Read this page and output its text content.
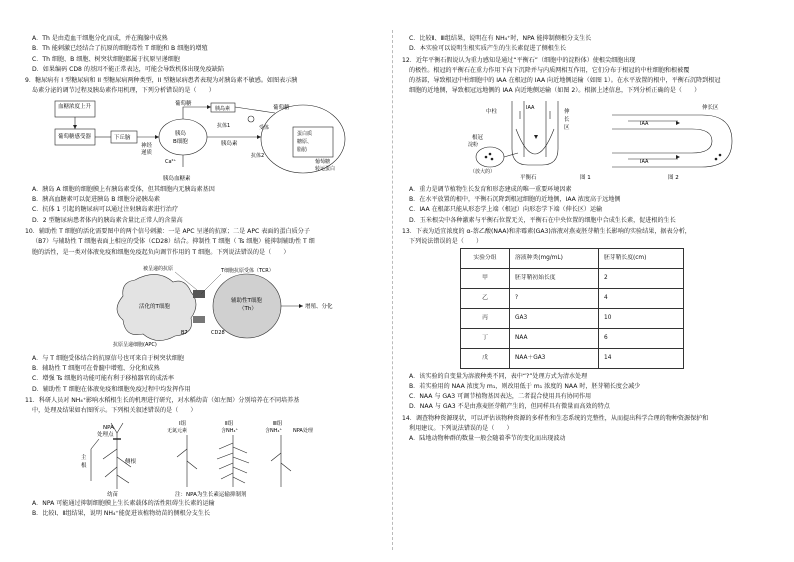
A．Th 是由造血干细胞分化而成，并在胸腺中成熟
B．Th 能刺激已经结合了抗原的细胞毒性 T 细胞和 B 细胞的增殖
C．Th 细胞、B 细胞、树突状细胞都属于抗原呈递细胞
D．如果编码 CD8 的基因不能正常表达，可能会导致机体出现免疫缺陷
9．糖尿病有 I 型糖尿病和 II 型糖尿病两种类型，II 型糖尿病患者表现为对胰岛素不敏感。如图表示胰
岛素分泌的调节过程及胰岛素作用机理，下列分析错误的是（　　）
血糖浓度上升
葡萄糖感受器	下丘脑
胰岛
B细胞
葡萄糖
葡萄糖
神经
递质
胰岛素
胰岛素
受体
抗体1
抗体2
Ca²⁺
蛋白质
糖原、
脂肪
葡萄糖
转运蛋白
胰岛血糖素
A．胰岛 A 细胞的细胞膜上有胰岛素受体，但其细胞内无胰岛素基因
B．胰高血糖素可以促进胰岛 B 细胞分泌胰岛素
C．抗体 1 引起的糖尿病可以通过注射胰岛素进行治疗
D．2 型糖尿病患者体内的胰岛素含量比正常人的含量高
10．辅助性 T 细胞的活化需要图中的两个信号刺激：一是 APC 呈递的抗原；二是 APC 表面的蛋白质分子
（B7）与辅助性 T 细胞表面上相应的受体（CD28）结合。抑制性 T 细胞（ Ts 细胞）能抑制辅助性 T 细
胞的活性，是一类对体液免疫和细胞免疫起负向调节作用的 T 细胞。下列说法错误的是（　　）
T细胞抗原受体（TCR）
被呈递的抗原
活化的T细胞
辅助性T细胞
（Th）	增殖、分化
抗原呈递细胞(APC)
B7	CD28
A．与 T 细胞受体结合的抗原信号也可来自于树突状细胞
B．辅助性 T 细胞可在骨髓中增殖、分化和成熟
C．增强 Ts 细胞的功能可能有利于移植器官的成活率
D．辅助性 T 细胞在体液免疫和细胞免疫过程中均发挥作用
11．科研人员对 NH₄⁺影响水稻根生长的机理进行研究，对水稻幼苗（如左图）分别培养在不同培养基
中，处理及结果如右图所示。下列相关叙述错误的是（　　）
NPA
处理点
主
根
侧根
幼苗
Ⅰ组	Ⅱ组	Ⅲ组
无氮元素	含NH₄⁺	含NH₄⁺ NPA处理
注：NPA为生长素运输抑制剂
A．NPA 可能通过抑制细胞膜上生长素载体的活性阻碍生长素的运输
B．比较Ⅰ、Ⅱ组结果，说明 NH₄⁺能促进该植物幼苗的侧根分支生长
C．比较Ⅱ、Ⅲ组结果，说明在有 NH₄⁺时，NPA 能抑制侧根分支生长
D．本实验可以说明生根实质产生的生长素促进了侧根生长
12．近年平衡石假说认为重力感知是通过“平衡石”（细胞中的淀粉体）使根尖细胞出现
的极性。根冠的平衡石在重力作用下向下沉降并与内质网相互作用，它们分布于根冠的中柱细胞和根被覆
的基部，导致根冠中柱细胞中的 IAA 在根冠的 IAA 向近地侧运输（如图 1）。在水平放置的根中，平衡石沉降到根冠
细胞的近地侧，导致根冠远地侧的 IAA 向近地侧运输（如图 2）。根据上述信息，下列分析正确的是（　　）
中柱
根冠
淀粉
（放大的）
平衡石
伸
长
区
伸长区
IAA
IAA
IAA
图 1	图 2
A．重力是调节植物生长发育和形态建成的唯一重要环境因素
B．在水平放置的根中，平衡石沉降到根冠细胞的近地侧，IAA 浓度高于远地侧
C．IAA 在根部只能从形态学上端（根冠）向形态学下端（伸长区）运输
D．玉米根尖中各种激素与平衡石位置无关，平衡石在中央位置的细胞中合成生长素，促进根的生长
13．下表为适宜浓度的 α-萘乙酸(NAA)和赤霉素(GA3)溶液对燕麦胚芽鞘生长影响的实验结果，据表分析，
下列说法错误的是（　　）
实验分组	溶液种类(mg/mL)	胚芽鞘长度(cm)
甲	胚芽鞘初始长度	2
乙	?	4
丙	GA3	10
丁	NAA	6
戊	NAA＋GA3	14
A．该实验的自变量为溶液种类不同，表中“?”处理方式为清水处理
B．若实验用的 NAA 浓度为 m₁，则改用低于 m₁ 浓度的 NAA 时，胚芽鞘长度会减少
C．NAA 与 GA3 可调节植物基因表达，二者混合使用具有协同作用
D．NAA 与 GA3 不是由燕麦胚芽鞘产生的，但同样具有微量而高效的特点
14．调查物种资源现状，可以评估该物种资源的多样性和生态系统的完整性，从而提出科学合理的物种资源保护和
利用建议。下列说法错误的是（　　）
A．陆地动物种群的数量一般会随着季节的变化而出现波动
